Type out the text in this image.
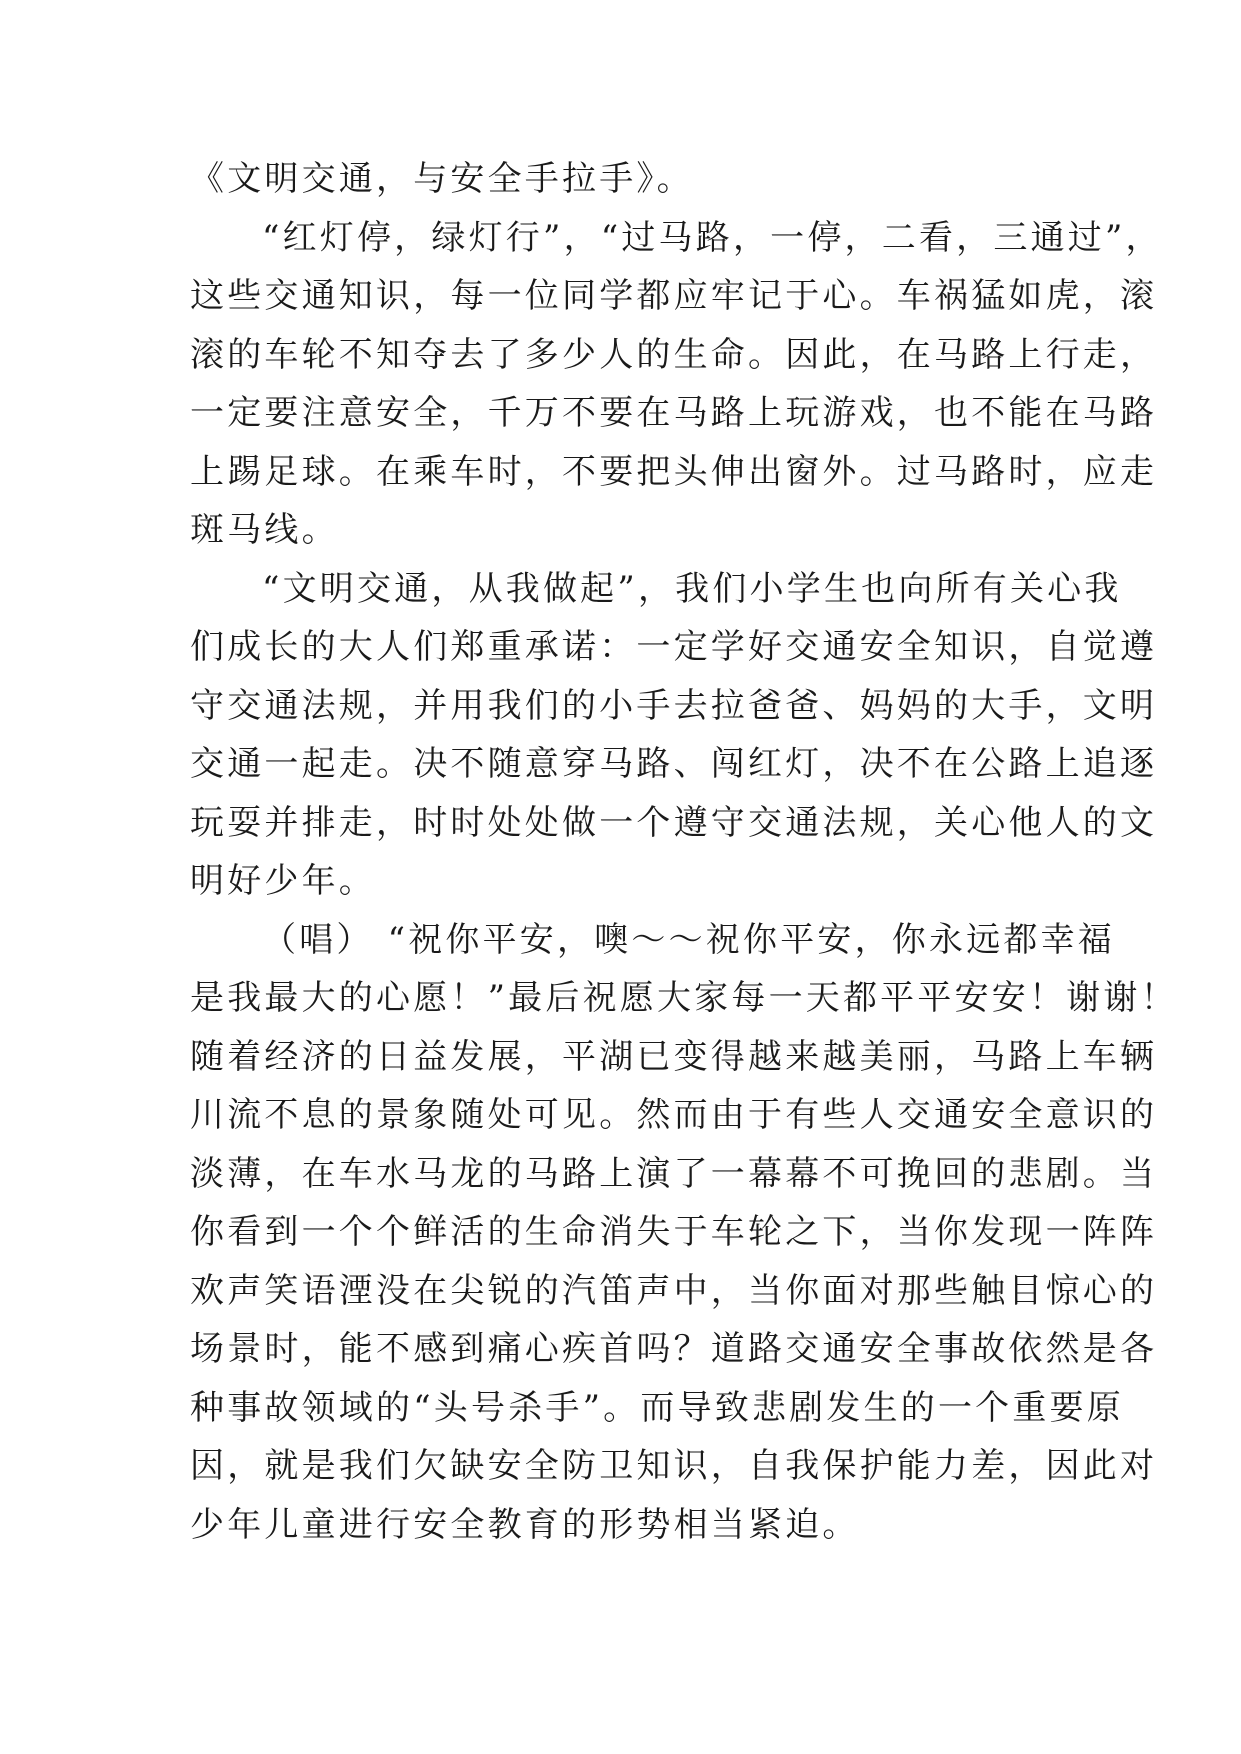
《文明交通，与安全手拉手》。
“红灯停，绿灯行”，“过马路，一停，二看，三通过”，
这些交通知识，每一位同学都应牢记于心。车祸猛如虎，滚
滚的车轮不知夺去了多少人的生命。因此，在马路上行走，
一定要注意安全，千万不要在马路上玩游戏，也不能在马路
上踢足球。在乘车时，不要把头伸出窗外。过马路时，应走
斑马线。
“文明交通，从我做起”，我们小学生也向所有关心我
们成长的大人们郑重承诺：一定学好交通安全知识，自觉遵
守交通法规，并用我们的小手去拉爸爸、妈妈的大手，文明
交通一起走。决不随意穿马路、闯红灯，决不在公路上追逐
玩耍并排走，时时处处做一个遵守交通法规，关心他人的文
明好少年。
（唱） “祝你平安，噢～～祝你平安，你永远都幸福
是我最大的心愿！”最后祝愿大家每一天都平平安安！谢谢！
随着经济的日益发展，平湖已变得越来越美丽，马路上车辆
川流不息的景象随处可见。然而由于有些人交通安全意识的
淡薄，在车水马龙的马路上演了一幕幕不可挽回的悲剧。当
你看到一个个鲜活的生命消失于车轮之下，当你发现一阵阵
欢声笑语湮没在尖锐的汽笛声中，当你面对那些触目惊心的
场景时，能不感到痛心疾首吗？道路交通安全事故依然是各
种事故领域的“头号杀手”。而导致悲剧发生的一个重要原
因，就是我们欠缺安全防卫知识，自我保护能力差，因此对
少年儿童进行安全教育的形势相当紧迫。
